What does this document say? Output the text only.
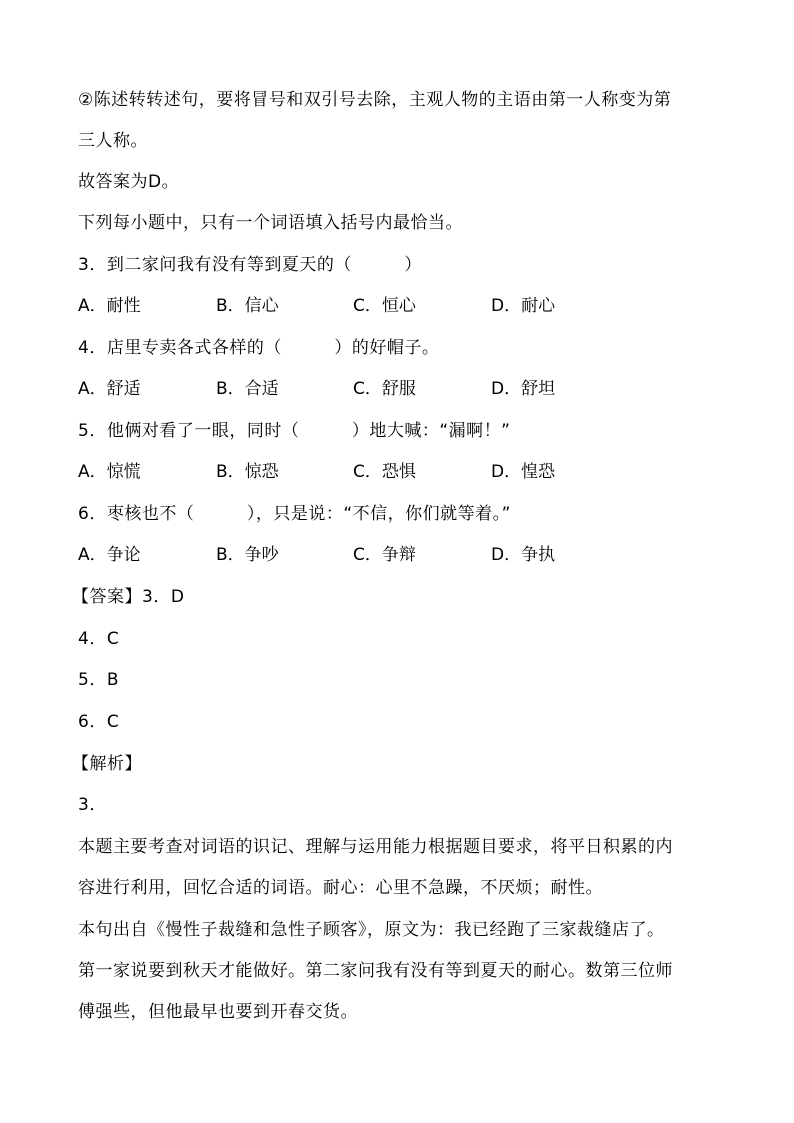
②陈述转转述句，要将冒号和双引号去除，主观人物的主语由第一人称变为第
三人称。
故答案为D。
下列每小题中，只有一个词语填入括号内最恰当。
3．到二家问我有没有等到夏天的（　　　）
A．耐性	B．信心	C．恒心	D．耐心
4．店里专卖各式各样的（　　　）的好帽子。
A．舒适	B．合适	C．舒服	D．舒坦
5．他俩对看了一眼，同时（　　　）地大喊：“漏啊！”
A．惊慌	B．惊恐	C．恐惧	D．惶恐
6．枣核也不（　　　），只是说：“不信，你们就等着。”
A．争论	B．争吵	C．争辩	D．争执
【答案】3．D
4．C
5．B
6．C
【解析】
3．
本题主要考查对词语的识记、理解与运用能力根据题目要求，将平日积累的内
容进行利用，回忆合适的词语。耐心：心里不急躁，不厌烦；耐性。
本句出自《慢性子裁缝和急性子顾客》，原文为：我已经跑了三家裁缝店了。
第一家说要到秋天才能做好。第二家问我有没有等到夏天的耐心。数第三位师
傅强些，但他最早也要到开春交货。
